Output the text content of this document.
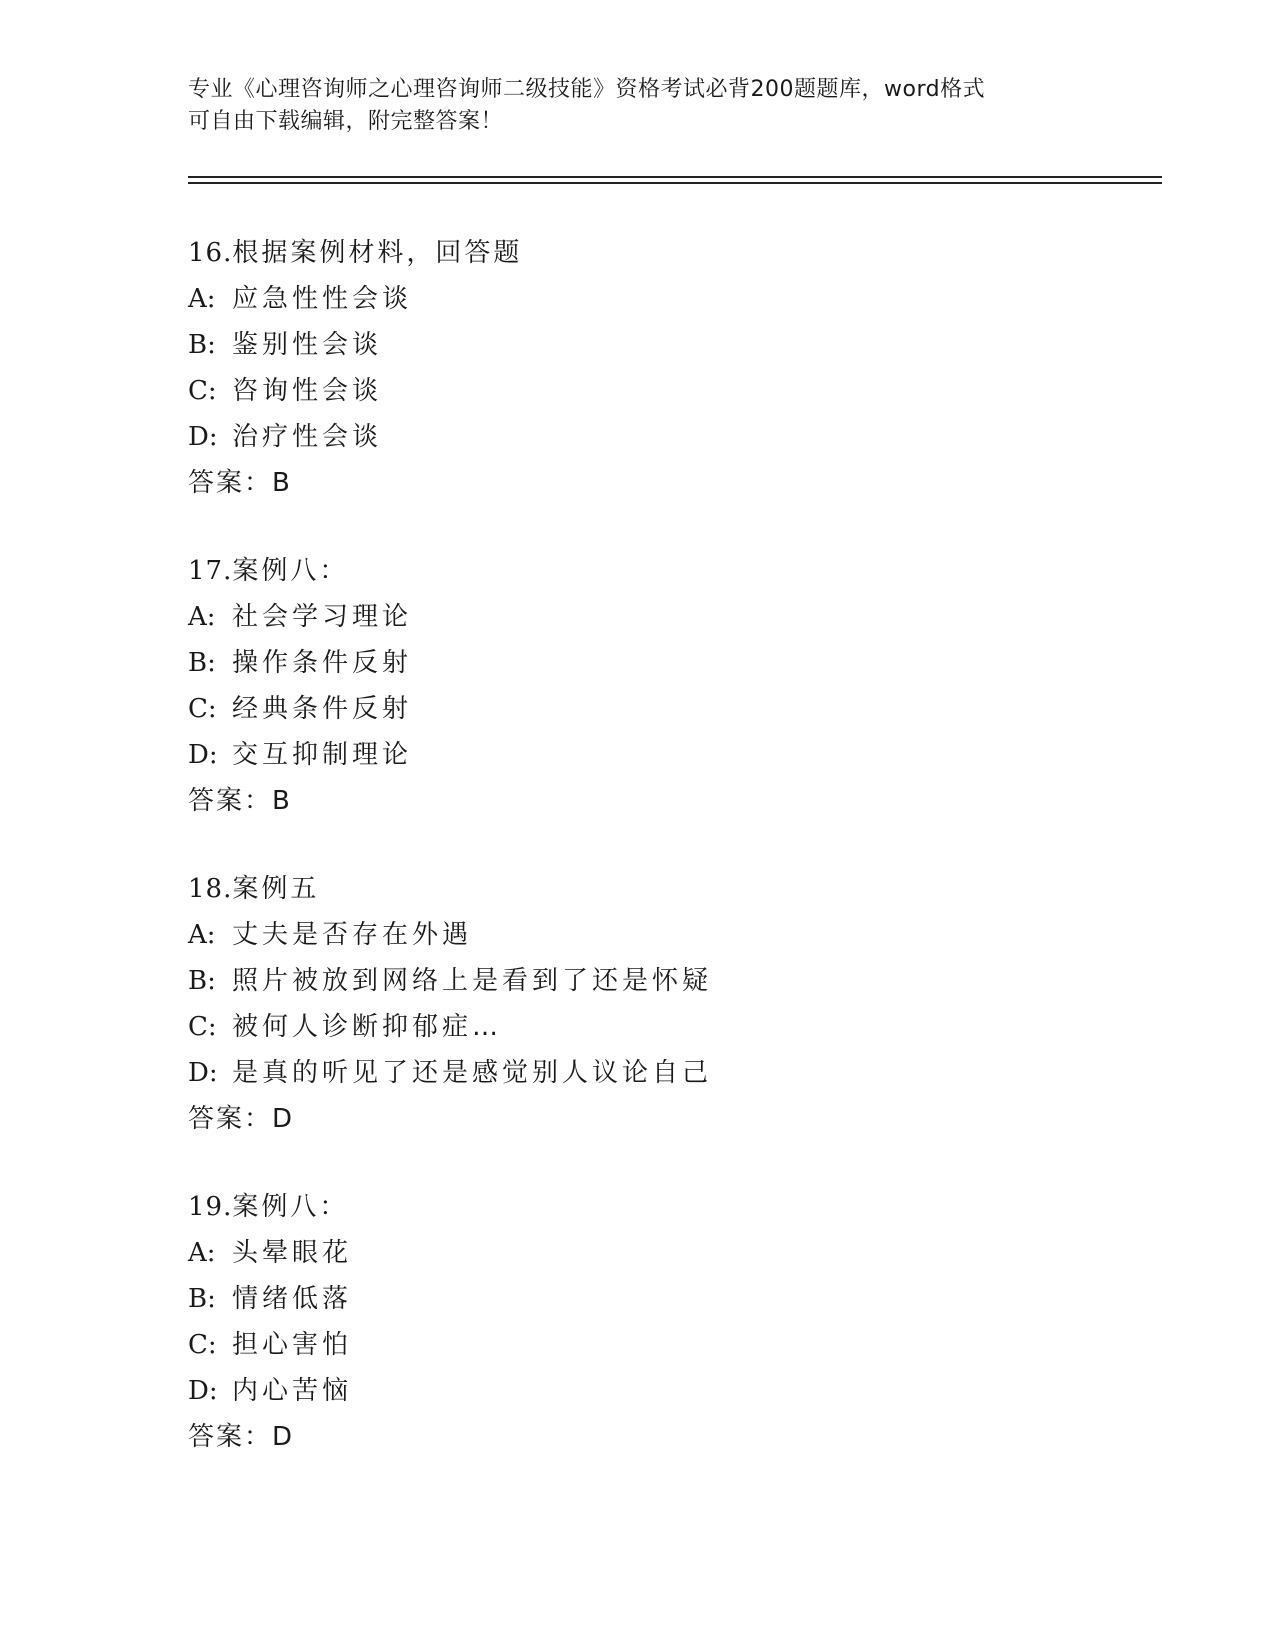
专业《心理咨询师之心理咨询师二级技能》资格考试必背200题题库，word格式
可自由下载编辑，附完整答案！
16.根据案例材料，回答题
A: 应急性性会谈
B: 鉴别性会谈
C: 咨询性会谈
D: 治疗性会谈
答案：B
17.案例八：
A: 社会学习理论
B: 操作条件反射
C: 经典条件反射
D: 交互抑制理论
答案：B
18.案例五
A: 丈夫是否存在外遇
B: 照片被放到网络上是看到了还是怀疑
C: 被何人诊断抑郁症…
D: 是真的听见了还是感觉别人议论自己
答案：D
19.案例八：
A: 头晕眼花
B: 情绪低落
C: 担心害怕
D: 内心苦恼
答案：D
